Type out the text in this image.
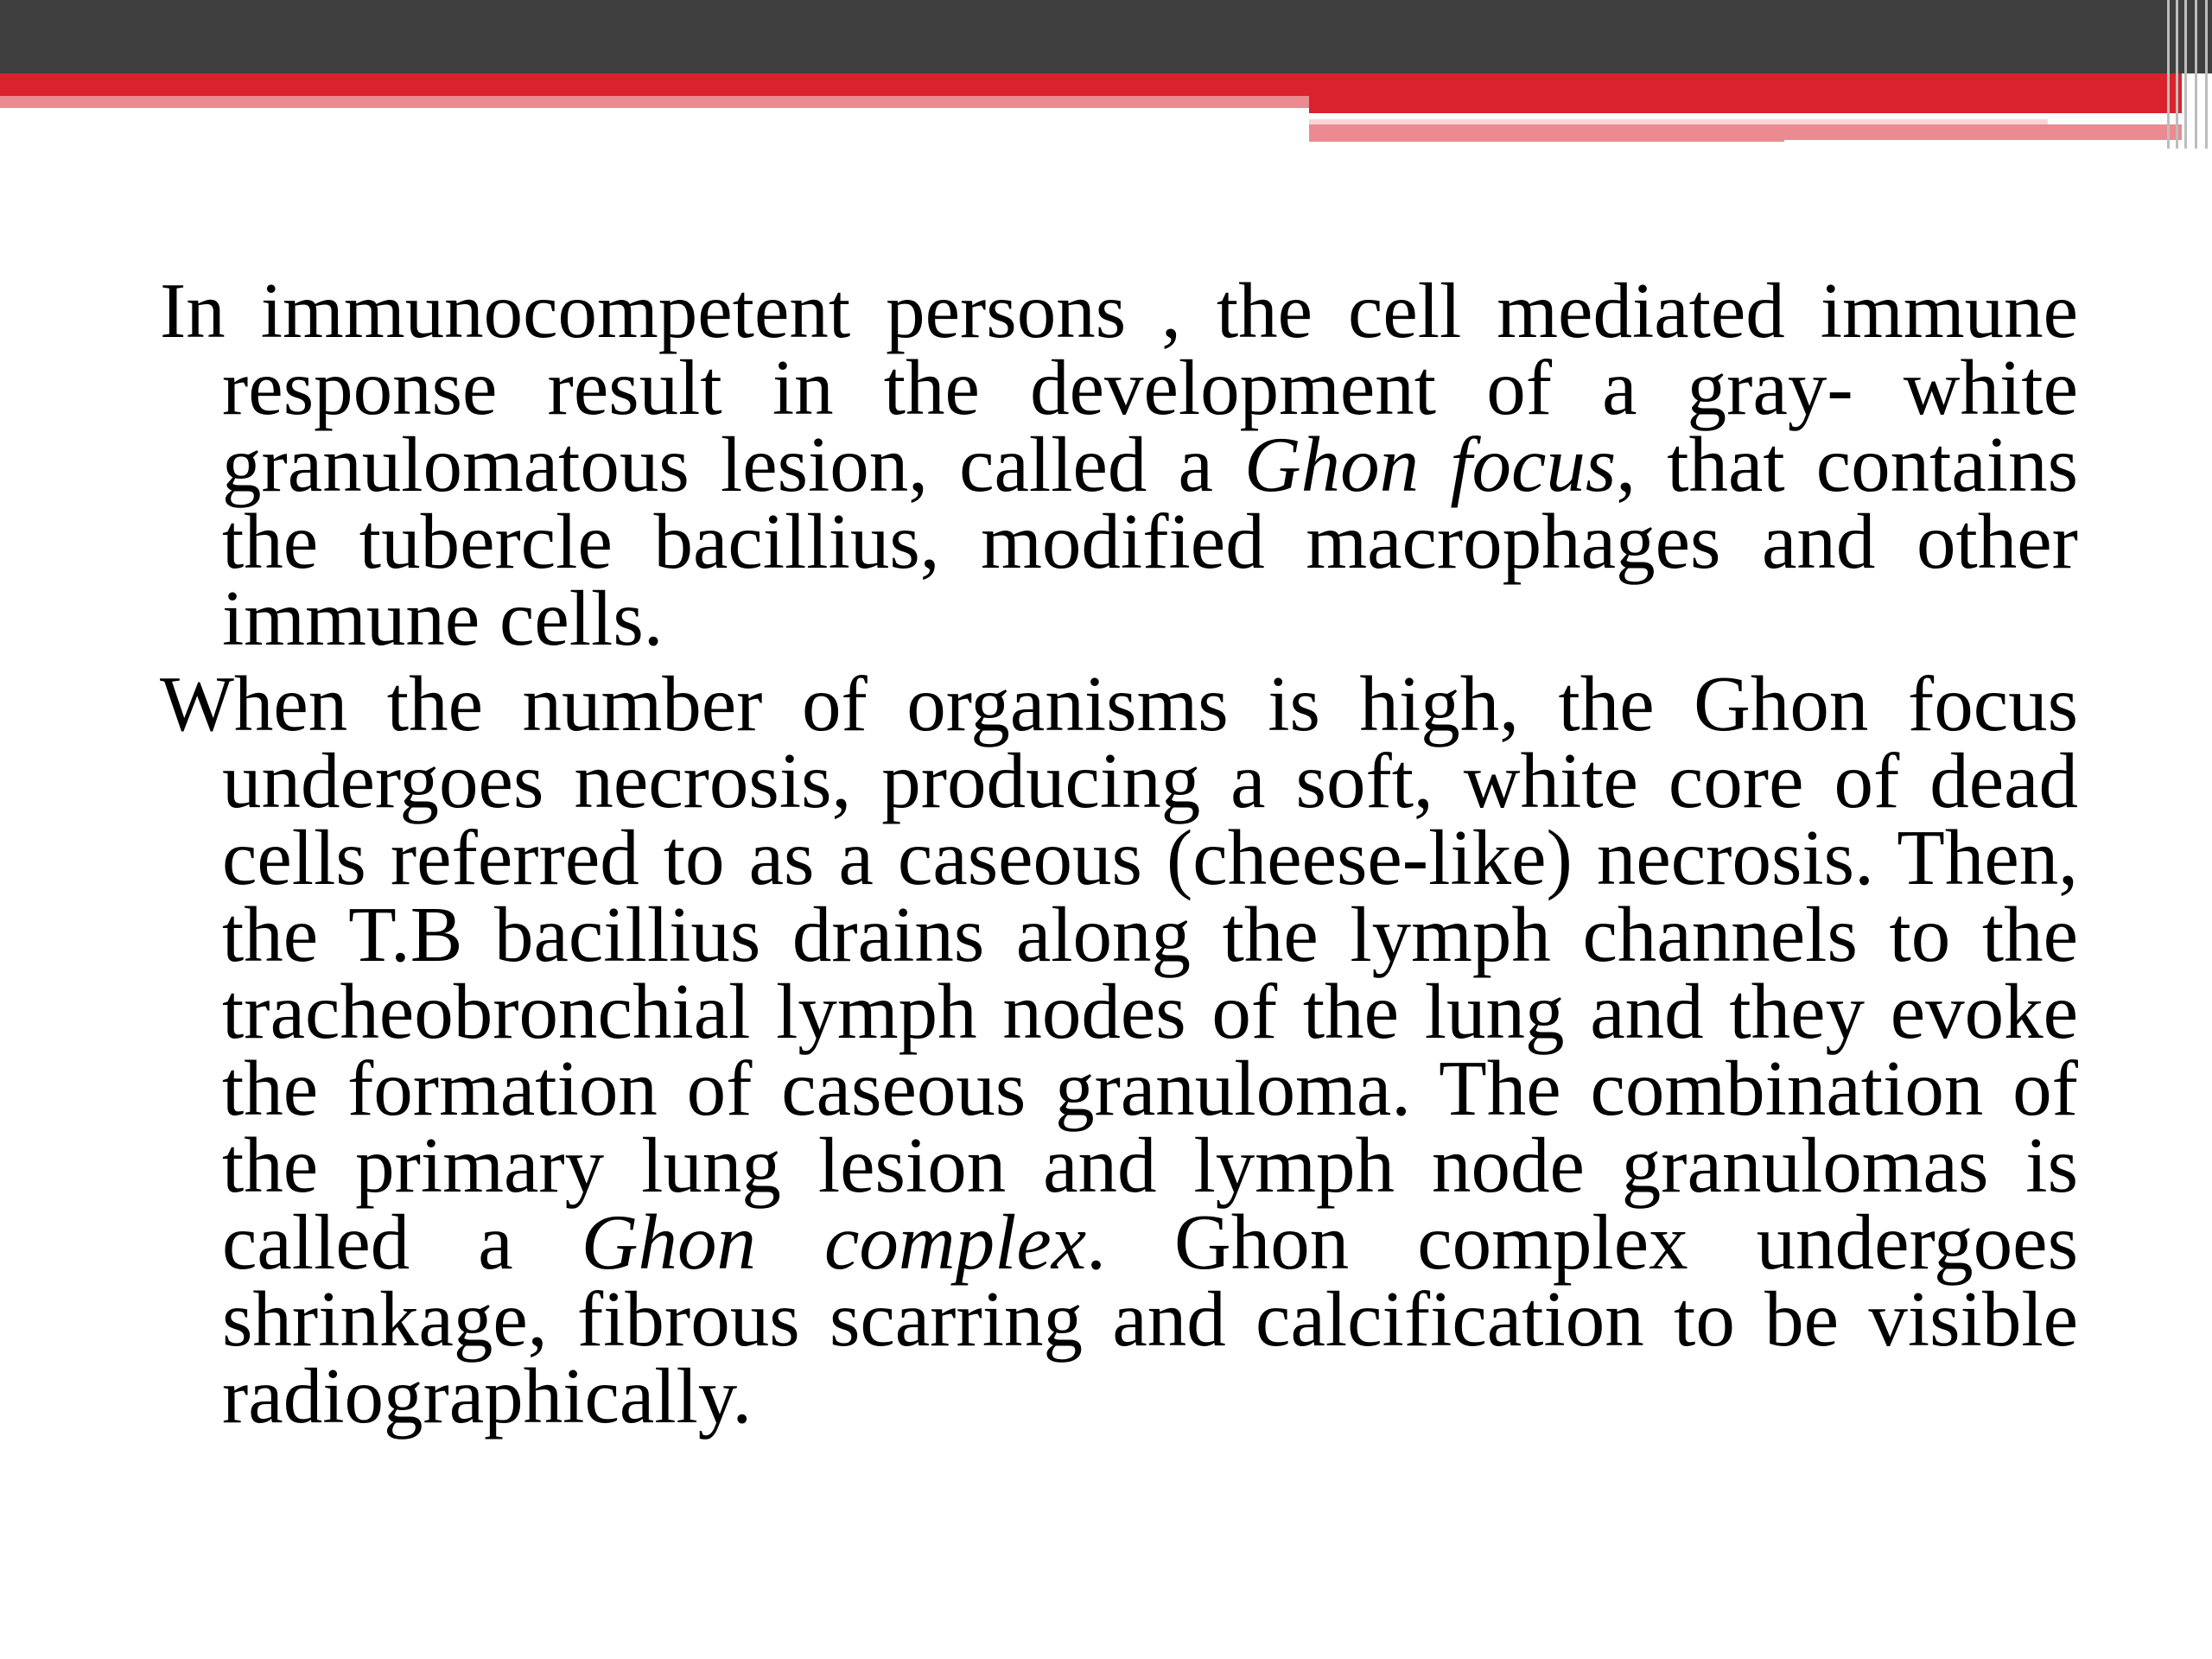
In immunocompetent persons , the cell mediated immune response result in the development of a gray- white granulomatous lesion, called a Ghon focus, that contains the tubercle bacillius, modified macrophages and other immune cells.

When the number of organisms is high, the Ghon focus undergoes necrosis, producing a soft, white core of dead cells referred to as a caseous (cheese-like) necrosis. Then, the T.B bacillius drains along the lymph channels to the tracheobronchial lymph nodes of the lung and they evoke the formation of caseous granuloma. The combination of the primary lung lesion and lymph node granulomas is called a Ghon complex. Ghon complex undergoes shrinkage, fibrous scarring and calcification to be visible radiographically.
